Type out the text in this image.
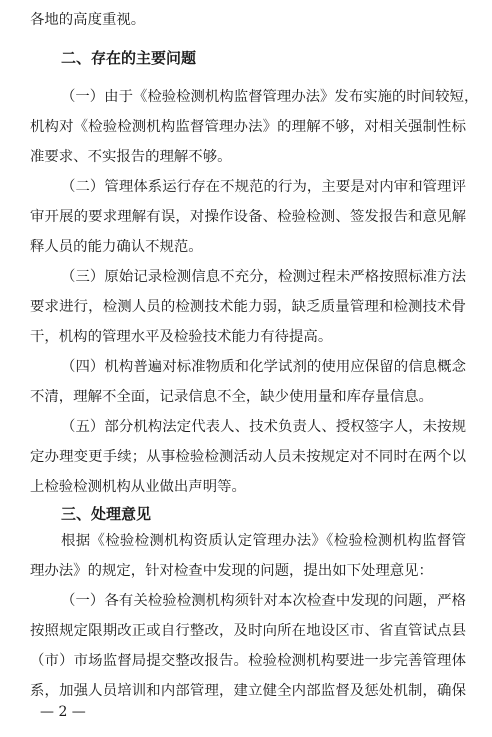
各地的高度重视。
二、存在的主要问题
（一）由于《检验检测机构监督管理办法》发布实施的时间较短，
机构对《检验检测机构监督管理办法》的理解不够，对相关强制性标
准要求、不实报告的理解不够。
（二）管理体系运行存在不规范的行为，主要是对内审和管理评
审开展的要求理解有误，对操作设备、检验检测、签发报告和意见解
释人员的能力确认不规范。
（三）原始记录检测信息不充分，检测过程未严格按照标准方法
要求进行，检测人员的检测技术能力弱，缺乏质量管理和检测技术骨
干，机构的管理水平及检验技术能力有待提高。
（四）机构普遍对标准物质和化学试剂的使用应保留的信息概念
不清，理解不全面，记录信息不全，缺少使用量和库存量信息。
（五）部分机构法定代表人、技术负责人、授权签字人，未按规
定办理变更手续；从事检验检测活动人员未按规定对不同时在两个以
上检验检测机构从业做出声明等。
三、处理意见
根据《检验检测机构资质认定管理办法》《检验检测机构监督管
理办法》的规定，针对检查中发现的问题，提出如下处理意见：
（一）各有关检验检测机构须针对本次检查中发现的问题，严格
按照规定限期改正或自行整改，及时向所在地设区市、省直管试点县
（市）市场监督局提交整改报告。检验检测机构要进一步完善管理体
系，加强人员培训和内部管理，建立健全内部监督及惩处机制，确保
— 2 —
